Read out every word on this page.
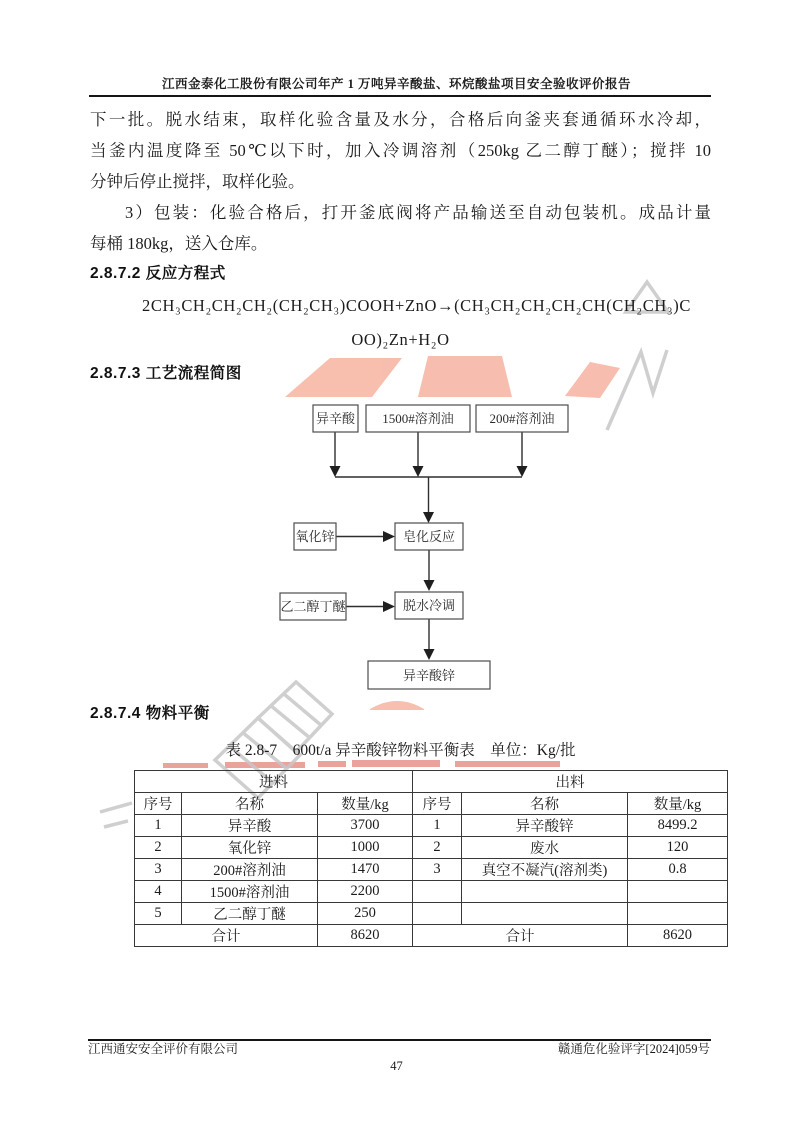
江西金泰化工股份有限公司年产 1 万吨异辛酸盐、环烷酸盐项目安全验收评价报告
下一批。脱水结束，取样化验含量及水分，合格后向釜夹套通循环水冷却，
当釜内温度降至 50℃以下时，加入冷调溶剂（250kg 乙二醇丁醚）；搅拌 10
分钟后停止搅拌，取样化验。
3）包装：化验合格后，打开釜底阀将产品输送至自动包装机。成品计量
每桶 180kg，送入仓库。
2.8.7.2 反应方程式
2CH₃CH₂CH₂CH₂(CH₂CH₃)COOH+ZnO→(CH₃CH₂CH₂CH₂CH(CH₂CH₃)C
OO)₂Zn+H₂O
2.8.7.3 工艺流程简图
异辛酸 1500#溶剂油	200#溶剂油
氧化锌	皂化反应
乙二醇丁醚	脱水冷调
异辛酸锌
2.8.7.4 物料平衡
表 2.8-7　600t/a 异辛酸锌物料平衡表　单位：Kg/批
进料			出料		
序号	名称	数量/kg	序号	名称	数量/kg
1	异辛酸	3700	1	异辛酸锌	8499.2
2	氧化锌	1000	2	废水	120
3	200#溶剂油	1470	3	真空不凝汽(溶剂类)	0.8
4	1500#溶剂油	2200			
5	乙二醇丁醚	250			
合计		8620	合计		8620
江西通安安全评价有限公司	赣通危化验评字[2024]059号
47
